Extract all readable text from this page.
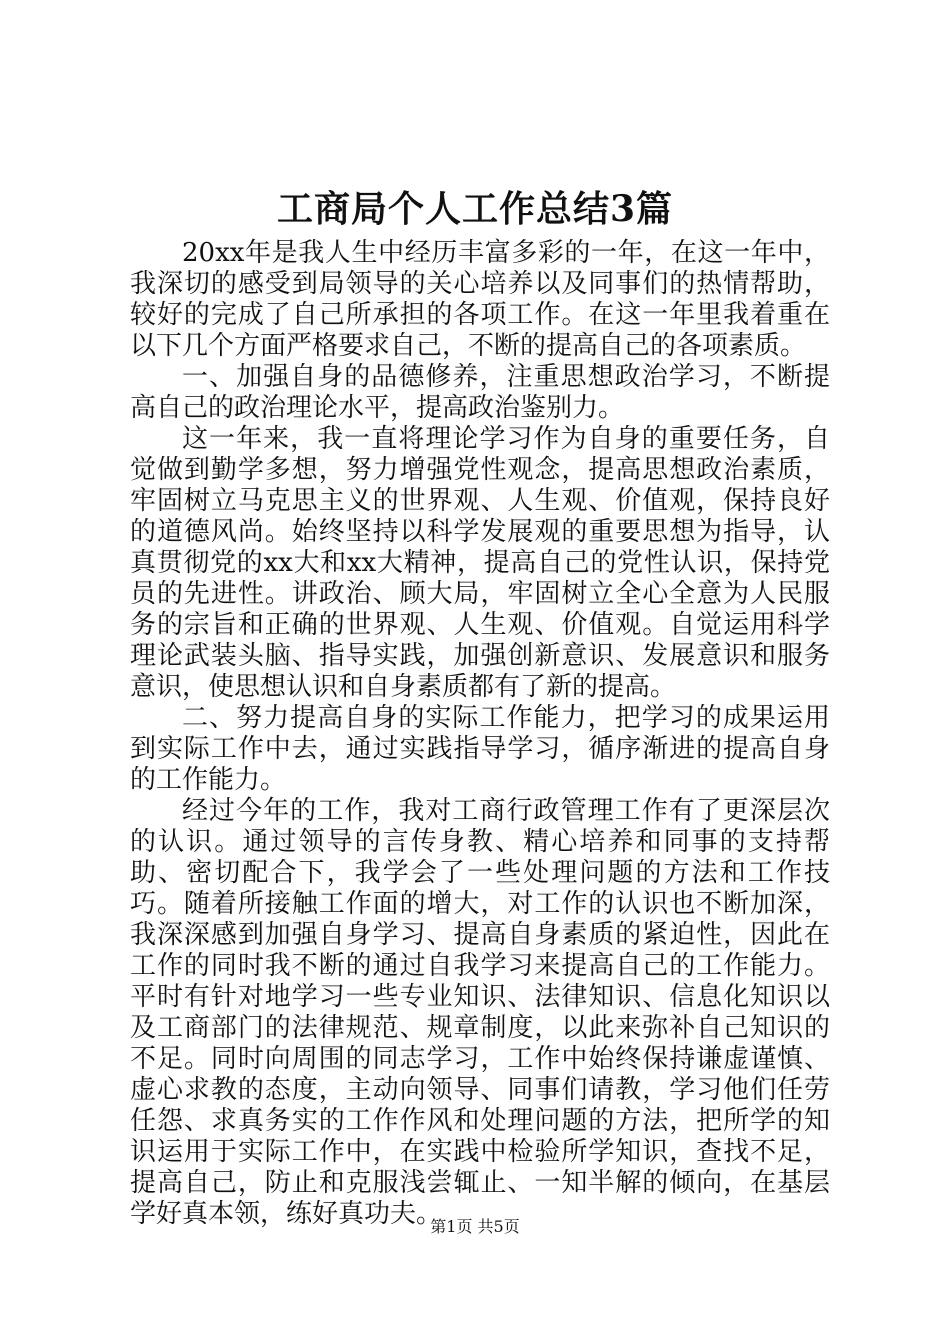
工商局个人工作总结3篇

20xx年是我人生中经历丰富多彩的一年，在这一年中，我深切的感受到局领导的关心培养以及同事们的热情帮助，较好的完成了自己所承担的各项工作。在这一年里我着重在以下几个方面严格要求自己，不断的提高自己的各项素质。

一、加强自身的品德修养，注重思想政治学习，不断提高自己的政治理论水平，提高政治鉴别力。

这一年来，我一直将理论学习作为自身的重要任务，自觉做到勤学多想，努力增强党性观念，提高思想政治素质，牢固树立马克思主义的世界观、人生观、价值观，保持良好的道德风尚。始终坚持以科学发展观的重要思想为指导，认真贯彻党的xx大和xx大精神，提高自己的党性认识，保持党员的先进性。讲政治、顾大局，牢固树立全心全意为人民服务的宗旨和正确的世界观、人生观、价值观。自觉运用科学理论武装头脑、指导实践，加强创新意识、发展意识和服务意识，使思想认识和自身素质都有了新的提高。

二、努力提高自身的实际工作能力，把学习的成果运用到实际工作中去，通过实践指导学习，循序渐进的提高自身的工作能力。

经过今年的工作，我对工商行政管理工作有了更深层次的认识。通过领导的言传身教、精心培养和同事的支持帮助、密切配合下，我学会了一些处理问题的方法和工作技巧。随着所接触工作面的增大，对工作的认识也不断加深，我深深感到加强自身学习、提高自身素质的紧迫性，因此在工作的同时我不断的通过自我学习来提高自己的工作能力。平时有针对地学习一些专业知识、法律知识、信息化知识以及工商部门的法律规范、规章制度，以此来弥补自己知识的不足。同时向周围的同志学习，工作中始终保持谦虚谨慎、虚心求教的态度，主动向领导、同事们请教，学习他们任劳任怨、求真务实的工作作风和处理问题的方法，把所学的知识运用于实际工作中，在实践中检验所学知识，查找不足，提高自己，防止和克服浅尝辄止、一知半解的倾向，在基层学好真本领，练好真功夫。

第1页 共5页
